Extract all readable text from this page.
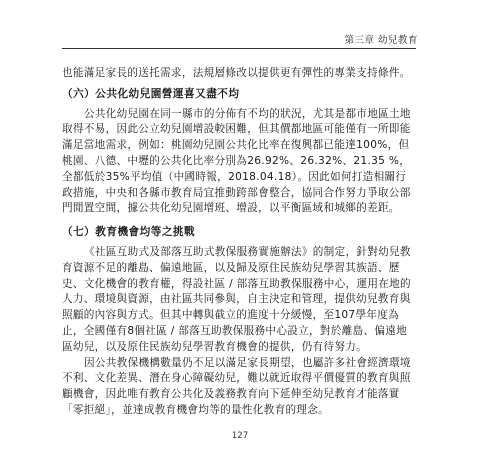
第三章 幼兒教育

也能滿足家長的送托需求，法規層條改以提供更有彈性的專業支持條件。

（六）公共化幼兒園營運喜又盡不均

公共化幼兒園在同一縣市的分佈有不均的狀況，尤其是都市地區土地取得不易，因此公立幼兒園增設較困難，但其價都地區可能僅有一所即能滿足當地需求，例如：桃園幼兒園公共化比率在復興都已能達100%，但桃園、八德、中壢的公共化比率分別為26.92%、26.32%、21.35 %，全都低於35%平均值（中國時報，2018.04.18）。因此如何打造相關行政措施，中央和各縣市教育局宜推動跨部會整合，協同合作努力爭取公部門閒置空間，據公共化幼兒園增班、增設，以平衡區域和城鄉的差距。

（七）教育機會均等之挑戰

《社區互助式及部落互助式教保服務實施辦法》的制定，針對幼兒教育資源不足的離島、偏遠地區，以及歸及原住民族幼兒學習其族語、歷史、文化機會的教育權，得設社區 / 部落互助教保服務中心，運用在地的人力、環境與資源，由社區共同參與，自主決定和管理，提供幼兒教育與照顧的內容與方式。但其中轉與截立的進度十分緩慢，至107學年度為止，全國僅有8個社區 / 部落互助教保服務中心設立，對於離島、偏遠地區幼兒，以及原住民族幼兒學習教育機會的提供，仍有待努力。

因公共教保機構數量仍不足以滿足家長期望，也屬許多社會經濟環境不利、文化差異、潛在身心障礙幼兒，難以就近取得平價優質的教育與照顧機會，因此唯有教育公共化及義務教育向下延伸至幼兒教育才能落實「零拒絕」，並達成教育機會均等的量性化教育的理念。

127
